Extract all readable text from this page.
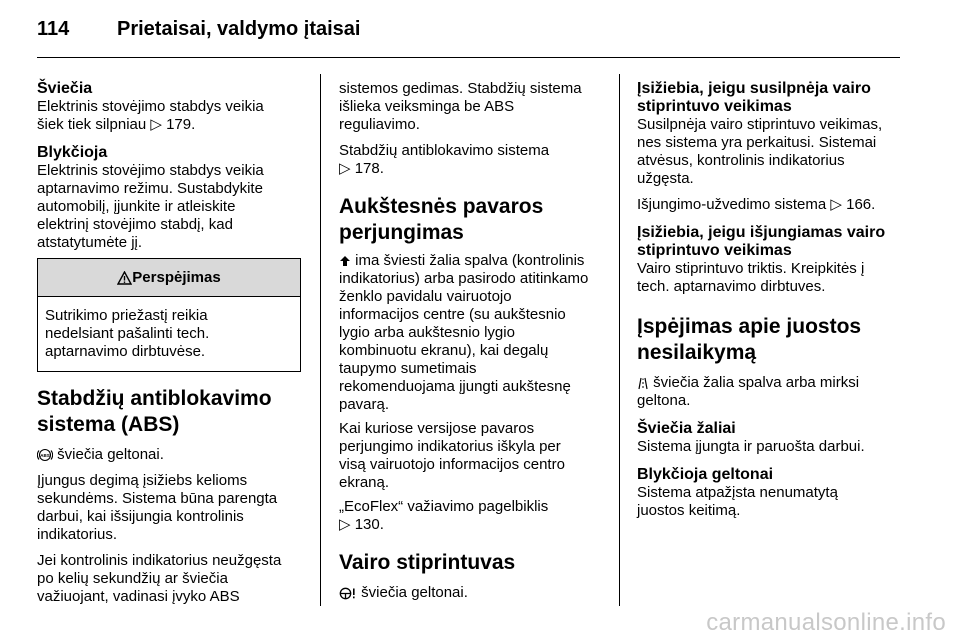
114 Prietaisai, valdymo įtaisai
Šviečia
Elektrinis stovėjimo stabdys veikia
šiek tiek silpniau ▷ 179.
Blykčioja
Elektrinis stovėjimo stabdys veikia
aptarnavimo režimu. Sustabdykite
automobilį, įjunkite ir atleiskite
elektrinį stovėjimo stabdį, kad
atstatytumėte jį.
Perspėjimas
Sutrikimo priežastį reikia
nedelsiant pašalinti tech.
aptarnavimo dirbtuvėse.
Stabdžių antiblokavimo
sistema (ABS)
ABS šviečia geltonai.
Įjungus degimą įsižiebs kelioms
sekundėms. Sistema būna parengta
darbui, kai išsijungia kontrolinis
indikatorius.
Jei kontrolinis indikatorius neužgęsta
po kelių sekundžių ar šviečia
važiuojant, vadinasi įvyko ABS
sistemos gedimas. Stabdžių sistema
išlieka veiksminga be ABS
reguliavimo.
Stabdžių antiblokavimo sistema
▷ 178.
Aukštesnės pavaros
perjungimas
ima šviesti žalia spalva (kontrolinis
indikatorius) arba pasirodo atitinkamo
ženklo pavidalu vairuotojo
informacijos centre (su aukštesnio
lygio arba aukštesnio lygio
kombinuotu ekranu), kai degalų
taupymo sumetimais
rekomenduojama įjungti aukštesnę
pavarą.
Kai kuriose versijose pavaros
perjungimo indikatorius iškyla per
visą vairuotojo informacijos centro
ekraną.
„EcoFlex“ važiavimo pagelbiklis
▷ 130.
Vairo stiprintuvas
šviečia geltonai.
Įsižiebia, jeigu susilpnėja vairo
stiprintuvo veikimas
Susilpnėja vairo stiprintuvo veikimas,
nes sistema yra perkaitusi. Sistemai
atvėsus, kontrolinis indikatorius
užgęsta.
Išjungimo-užvedimo sistema ▷ 166.
Įsižiebia, jeigu išjungiamas vairo
stiprintuvo veikimas
Vairo stiprintuvo triktis. Kreipkitės į
tech. aptarnavimo dirbtuves.
Įspėjimas apie juostos
nesilaikymą
šviečia žalia spalva arba mirksi
geltona.
Šviečia žaliai
Sistema įjungta ir paruošta darbui.
Blykčioja geltonai
Sistema atpažįsta nenumatytą
juostos keitimą.
carmanualsonline.info
